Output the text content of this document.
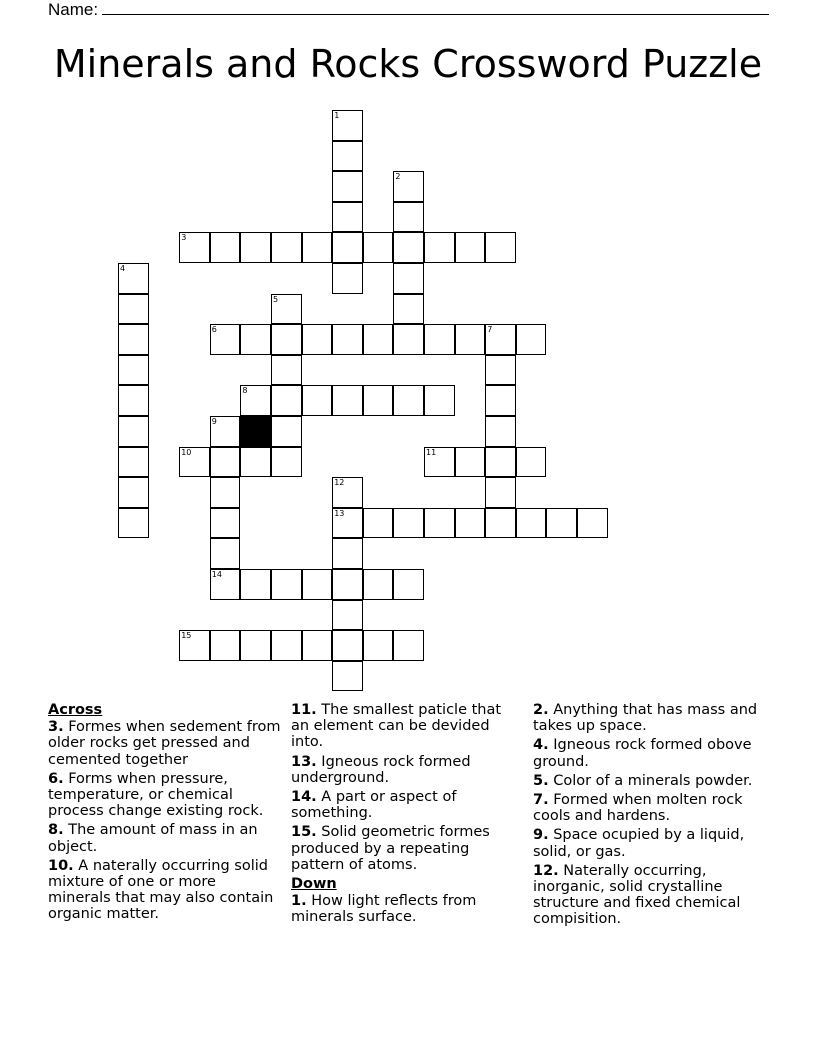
Name:
Minerals and Rocks Crossword Puzzle
1
2
3
4
5
6	7
8
9
14
10	11
12
13
15
Across
3. Formes when sedement from older rocks get pressed and cemented together
6. Forms when pressure, temperature, or chemical process change existing rock.
8. The amount of mass in an object.
10. A naterally occurring solid mixture of one or more minerals that may also contain organic matter.
11. The smallest paticle that an element can be devided into.
13. Igneous rock formed underground.
14. A part or aspect of something.
15. Solid geometric formes produced by a repeating pattern of atoms.
Down
1. How light reflects from minerals surface.
2. Anything that has mass and takes up space.
4. Igneous rock formed obove ground.
5. Color of a minerals powder.
7. Formed when molten rock cools and hardens.
9. Space ocupied by a liquid, solid, or gas.
12. Naterally occurring, inorganic, solid crystalline structure and fixed chemical compisition.
